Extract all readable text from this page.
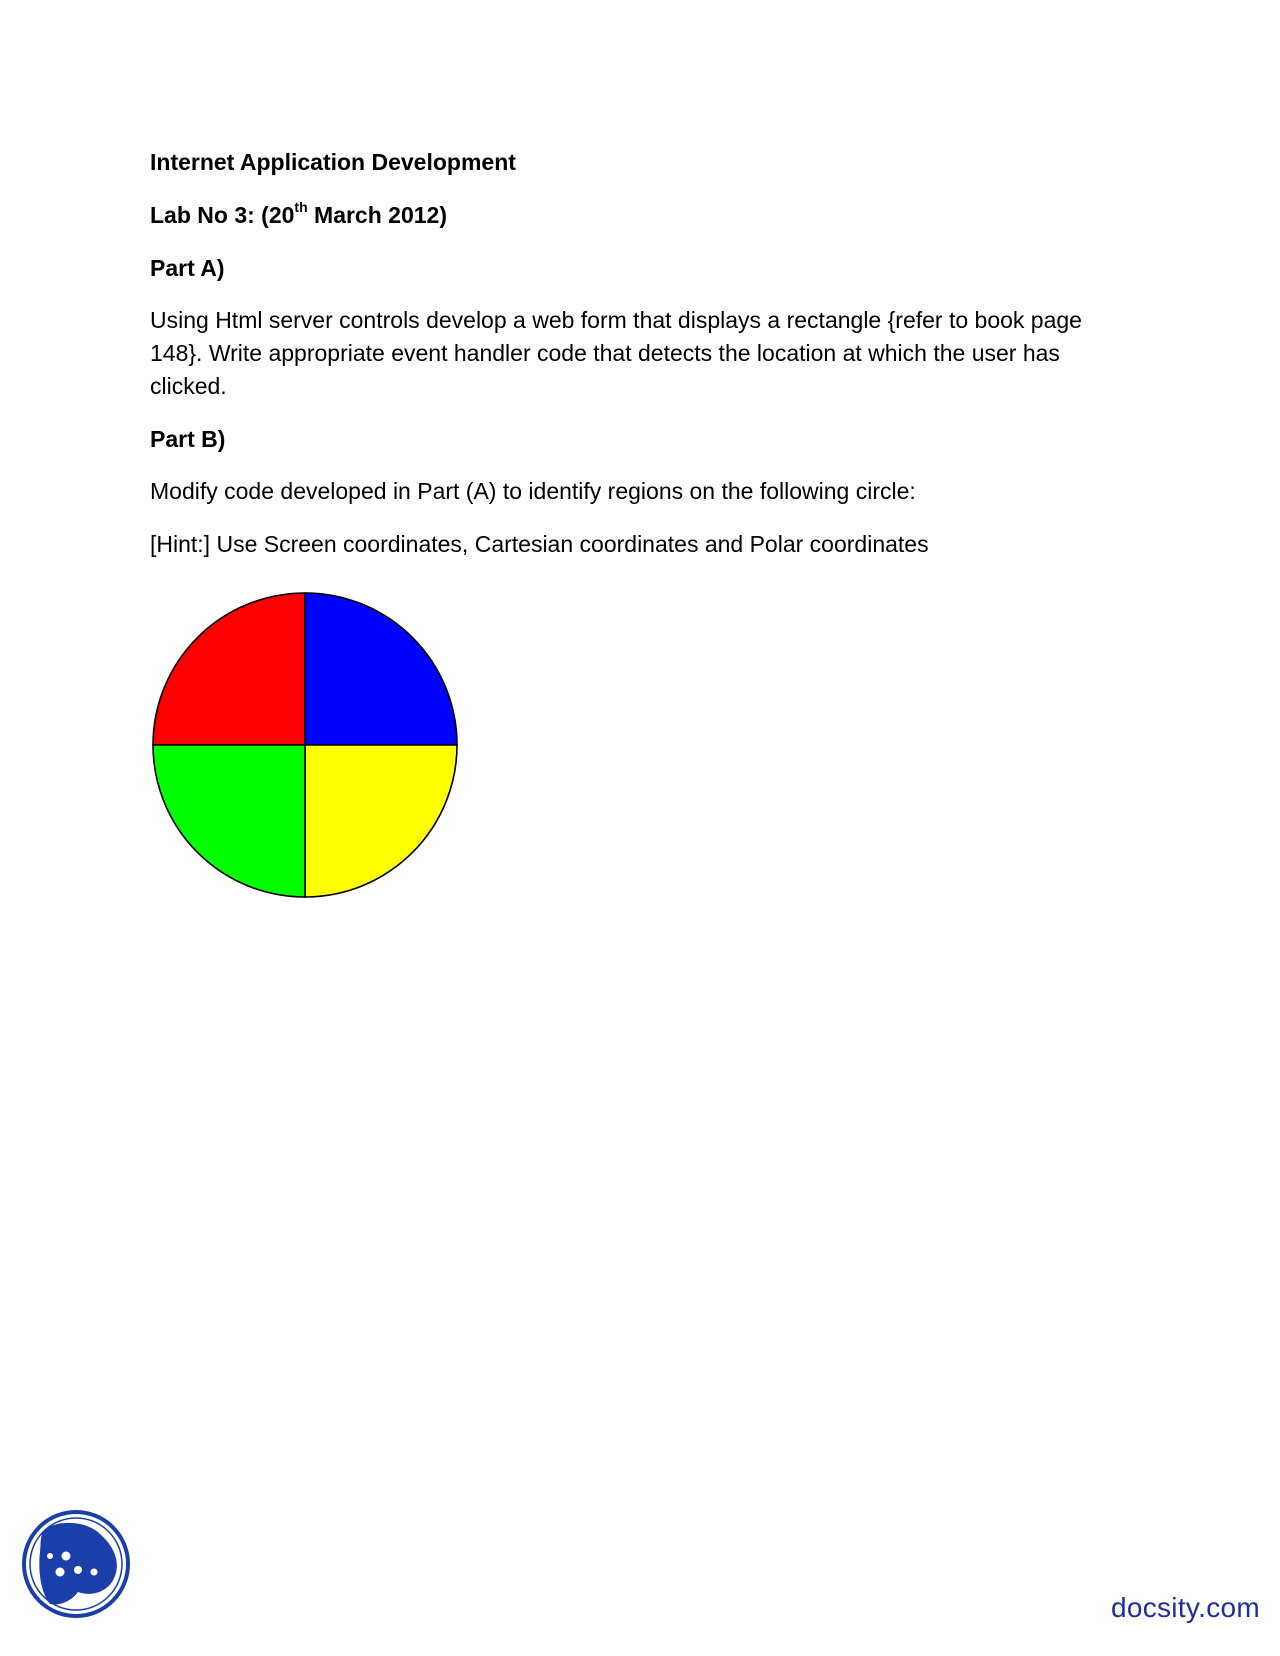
Internet Application Development

Lab No 3: (20th March 2012)

Part A)

Using Html server controls develop a web form that displays a rectangle {refer to book page 148}. Write appropriate event handler code that detects the location at which the user has clicked.

Part B)

Modify code developed in Part (A) to identify regions on the following circle:

[Hint:] Use Screen coordinates, Cartesian coordinates and Polar coordinates

docsity.com
